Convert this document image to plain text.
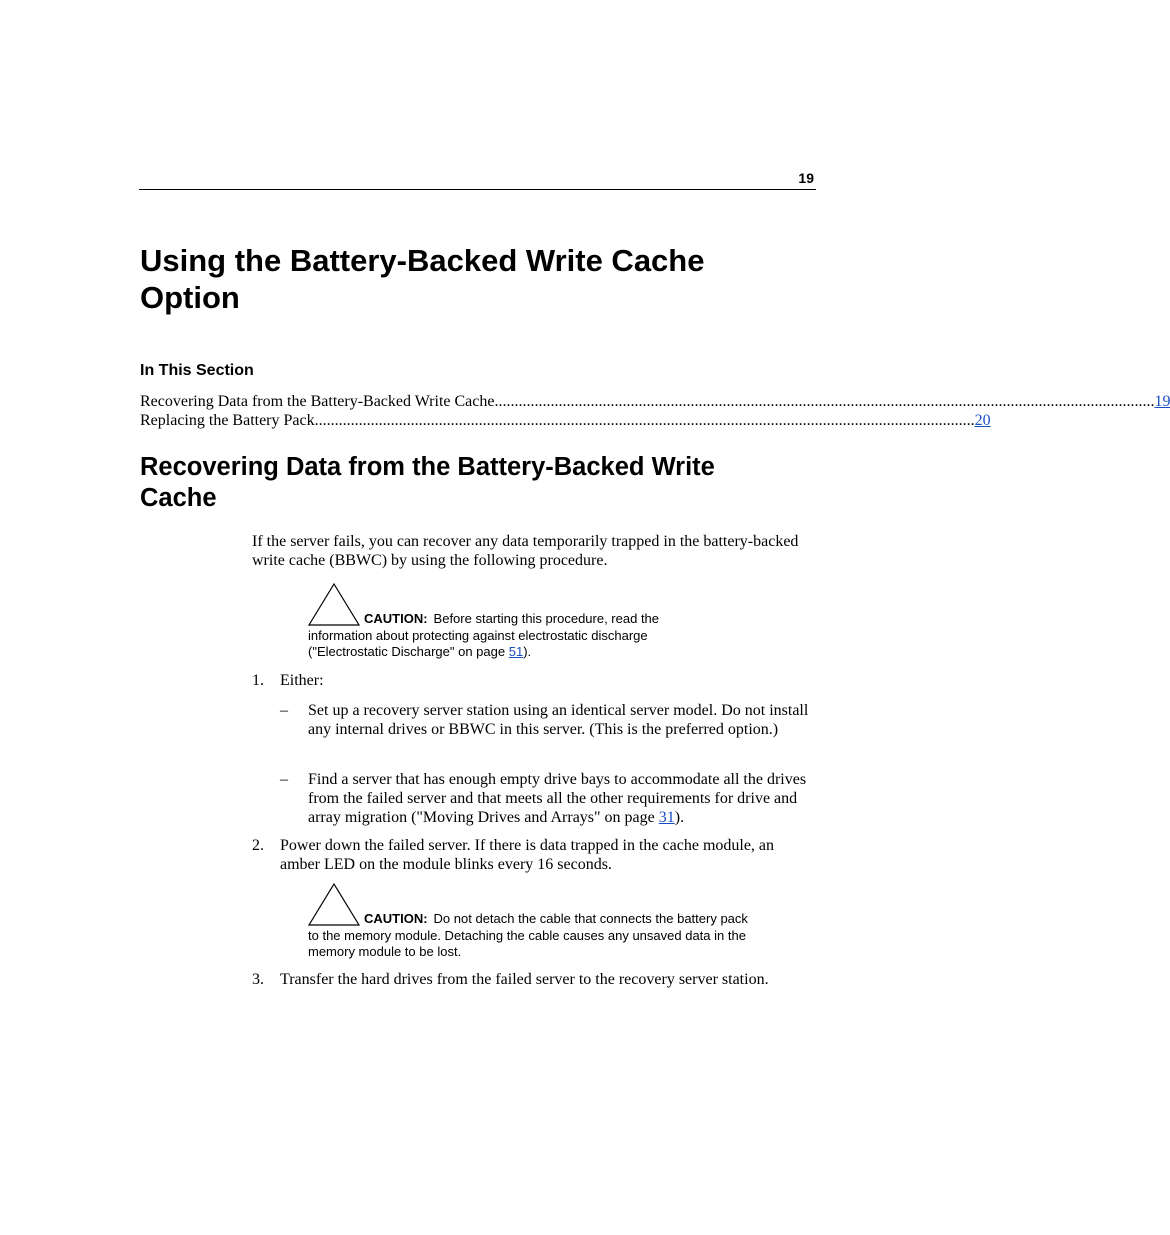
19
Using the Battery-Backed Write Cache Option
In This Section
Recovering Data from the Battery-Backed Write Cache ..................................................................................................................................................................... 19
Replacing the Battery Pack ..................................................................................................................................................................... 20
Recovering Data from the Battery-Backed Write Cache
If the server fails, you can recover any data temporarily trapped in the battery-backed write cache (BBWC) by using the following procedure.
CAUTION: Before starting this procedure, read the information about protecting against electrostatic discharge ("Electrostatic Discharge" on page 51).
1. Either:
– Set up a recovery server station using an identical server model. Do not install any internal drives or BBWC in this server. (This is the preferred option.)
– Find a server that has enough empty drive bays to accommodate all the drives from the failed server and that meets all the other requirements for drive and array migration ("Moving Drives and Arrays" on page 31).
2. Power down the failed server. If there is data trapped in the cache module, an amber LED on the module blinks every 16 seconds.
CAUTION: Do not detach the cable that connects the battery pack to the memory module. Detaching the cable causes any unsaved data in the memory module to be lost.
3. Transfer the hard drives from the failed server to the recovery server station.
